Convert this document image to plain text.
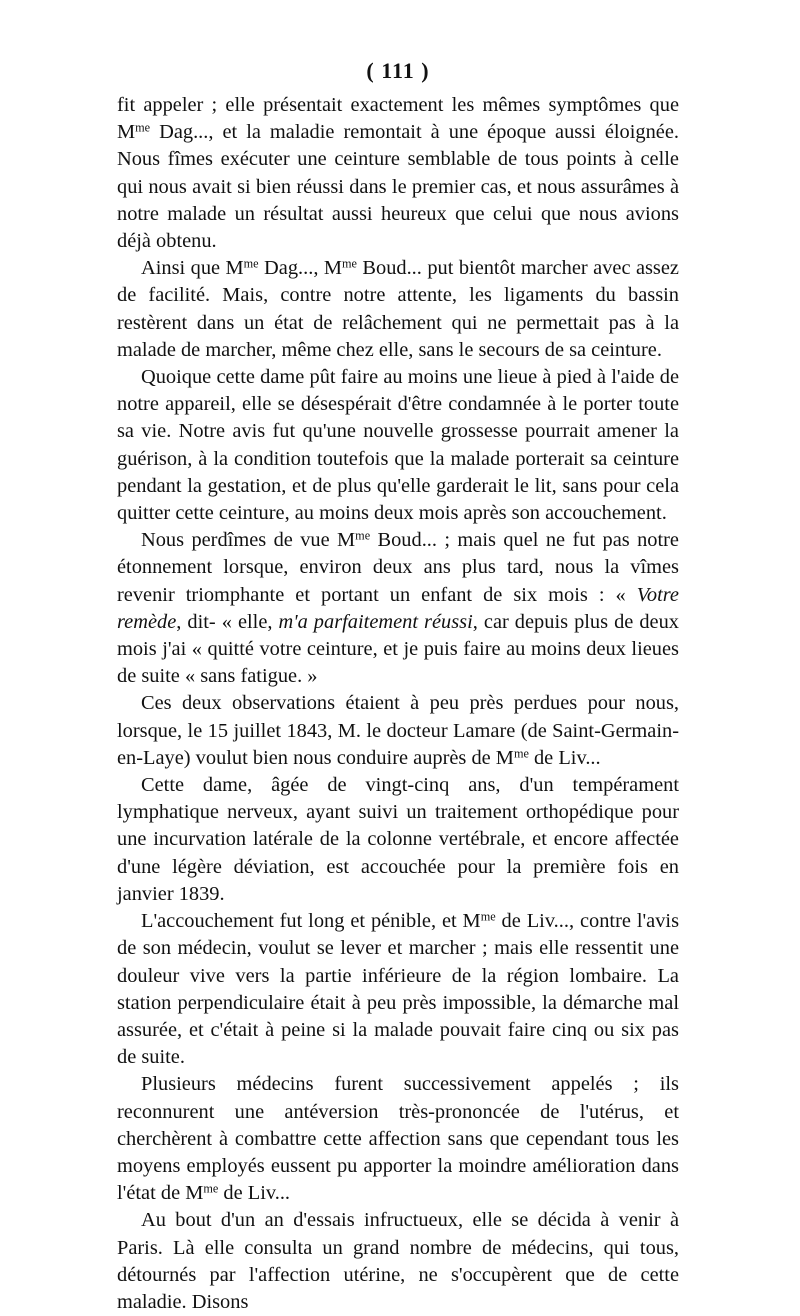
( 111 )

fit appeler ; elle présentait exactement les mêmes symptômes que $M^{me}$ Dag..., et la maladie remontait à une époque aussi éloignée. Nous fîmes exécuter une ceinture semblable de tous points à celle qui nous avait si bien réussi dans le premier cas, et nous assurâmes à notre malade un résultat aussi heureux que celui que nous avions déjà obtenu.

Ainsi que $M^{me}$ Dag..., $M^{me}$ Boud... put bientôt marcher avec assez de facilité. Mais, contre notre attente, les ligaments du bassin restèrent dans un état de relâchement qui ne permettait pas à la malade de marcher, même chez elle, sans le secours de sa ceinture.

Quoique cette dame pût faire au moins une lieue à pied à l'aide de notre appareil, elle se désespérait d'être condamnée à le porter toute sa vie. Notre avis fut qu'une nouvelle grossesse pourrait amener la guérison, à la condition toutefois que la malade porterait sa ceinture pendant la gestation, et de plus qu'elle garderait le lit, sans pour cela quitter cette ceinture, au moins deux mois après son accouchement.

Nous perdîmes de vue $M^{me}$ Boud... ; mais quel ne fut pas notre étonnement lorsque, environ deux ans plus tard, nous la vîmes revenir triomphante et portant un enfant de six mois : « Votre remède, dit- « elle, m'a parfaitement réussi, car depuis plus de deux mois j'ai « quitté votre ceinture, et je puis faire au moins deux lieues de suite « sans fatigue. »

Ces deux observations étaient à peu près perdues pour nous, lorsque, le 15 juillet 1843, M. le docteur Lamare (de Saint-Germain-en-Laye) voulut bien nous conduire auprès de $M^{me}$ de Liv...

Cette dame, âgée de vingt-cinq ans, d'un tempérament lymphatique nerveux, ayant suivi un traitement orthopédique pour une incurvation latérale de la colonne vertébrale, et encore affectée d'une légère déviation, est accouchée pour la première fois en janvier 1839.

L'accouchement fut long et pénible, et $M^{me}$ de Liv..., contre l'avis de son médecin, voulut se lever et marcher ; mais elle ressentit une douleur vive vers la partie inférieure de la région lombaire. La station perpendiculaire était à peu près impossible, la démarche mal assurée, et c'était à peine si la malade pouvait faire cinq ou six pas de suite.

Plusieurs médecins furent successivement appelés ; ils reconnurent une antéversion très-prononcée de l'utérus, et cherchèrent à combattre cette affection sans que cependant tous les moyens employés eussent pu apporter la moindre amélioration dans l'état de $M^{me}$ de Liv...

Au bout d'un an d'essais infructueux, elle se décida à venir à Paris. Là elle consulta un grand nombre de médecins, qui tous, détournés par l'affection utérine, ne s'occupèrent que de cette maladie. Disons
